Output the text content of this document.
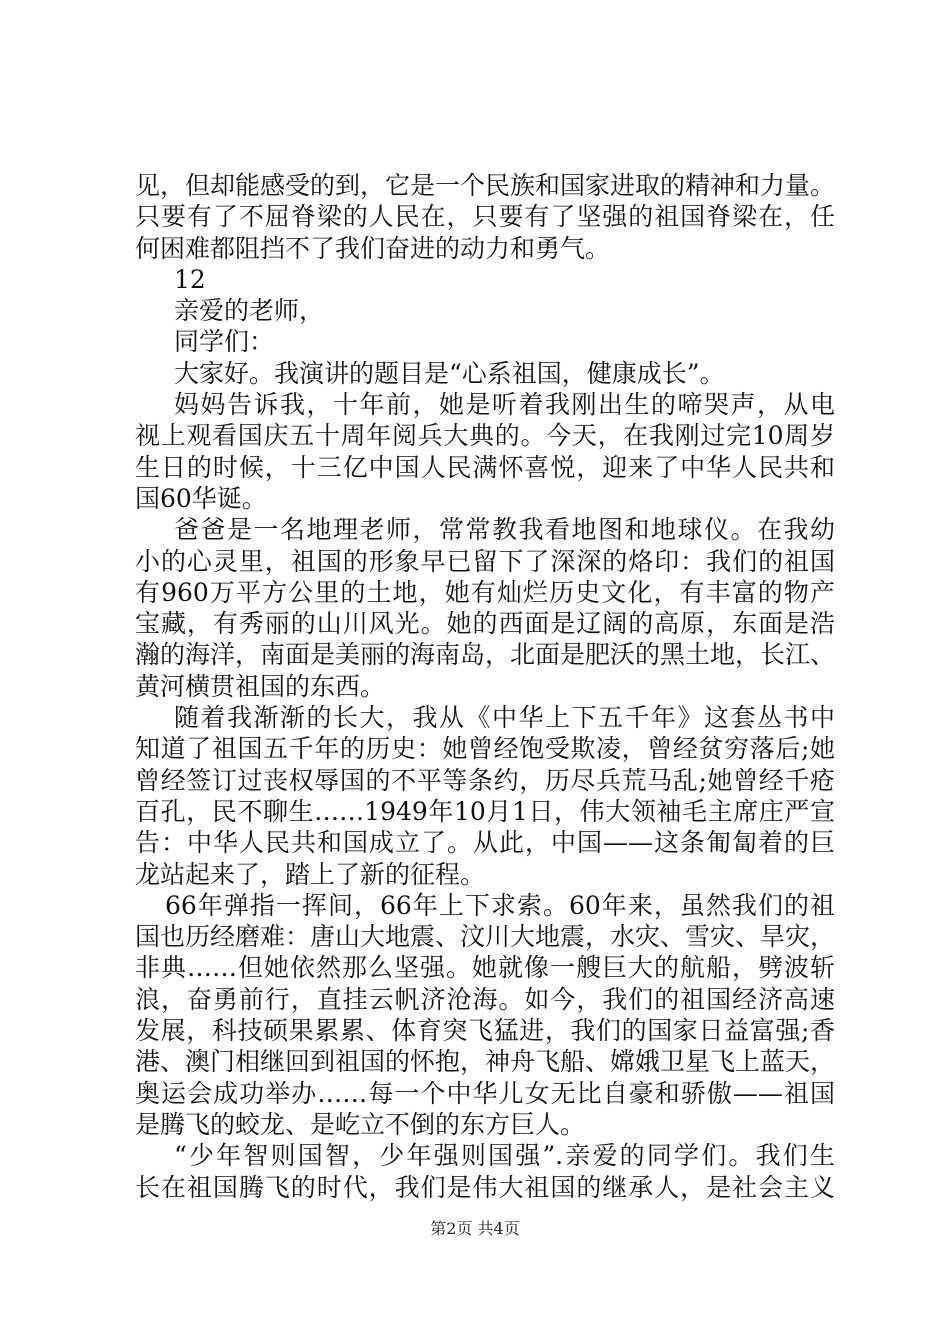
见，但却能感受的到，它是一个民族和国家进取的精神和力量。
只要有了不屈脊梁的人民在，只要有了坚强的祖国脊梁在，任
何困难都阻挡不了我们奋进的动力和勇气。
12
亲爱的老师，
同学们：
大家好。我演讲的题目是“心系祖国，健康成长”。
妈妈告诉我，十年前，她是听着我刚出生的啼哭声，从电
视上观看国庆五十周年阅兵大典的。今天，在我刚过完10周岁
生日的时候，十三亿中国人民满怀喜悦，迎来了中华人民共和
国60华诞。
爸爸是一名地理老师，常常教我看地图和地球仪。在我幼
小的心灵里，祖国的形象早已留下了深深的烙印：我们的祖国
有960万平方公里的土地，她有灿烂历史文化，有丰富的物产
宝藏，有秀丽的山川风光。她的西面是辽阔的高原，东面是浩
瀚的海洋，南面是美丽的海南岛，北面是肥沃的黑土地，长江、
黄河横贯祖国的东西。
随着我渐渐的长大，我从《中华上下五千年》这套丛书中
知道了祖国五千年的历史：她曾经饱受欺凌，曾经贫穷落后;她
曾经签订过丧权辱国的不平等条约，历尽兵荒马乱;她曾经千疮
百孔，民不聊生……1949年10月1日，伟大领袖毛主席庄严宣
告：中华人民共和国成立了。从此，中国——这条匍匐着的巨
龙站起来了，踏上了新的征程。
66年弹指一挥间，66年上下求索。60年来，虽然我们的祖
国也历经磨难：唐山大地震、汶川大地震，水灾、雪灾、旱灾，
非典……但她依然那么坚强。她就像一艘巨大的航船，劈波斩
浪，奋勇前行，直挂云帆济沧海。如今，我们的祖国经济高速
发展，科技硕果累累、体育突飞猛进，我们的国家日益富强;香
港、澳门相继回到祖国的怀抱，神舟飞船、嫦娥卫星飞上蓝天，
奥运会成功举办……每一个中华儿女无比自豪和骄傲——祖国
是腾飞的蛟龙、是屹立不倒的东方巨人。
“少年智则国智，少年强则国强”.亲爱的同学们。我们生
长在祖国腾飞的时代，我们是伟大祖国的继承人，是社会主义
第2页 共4页
